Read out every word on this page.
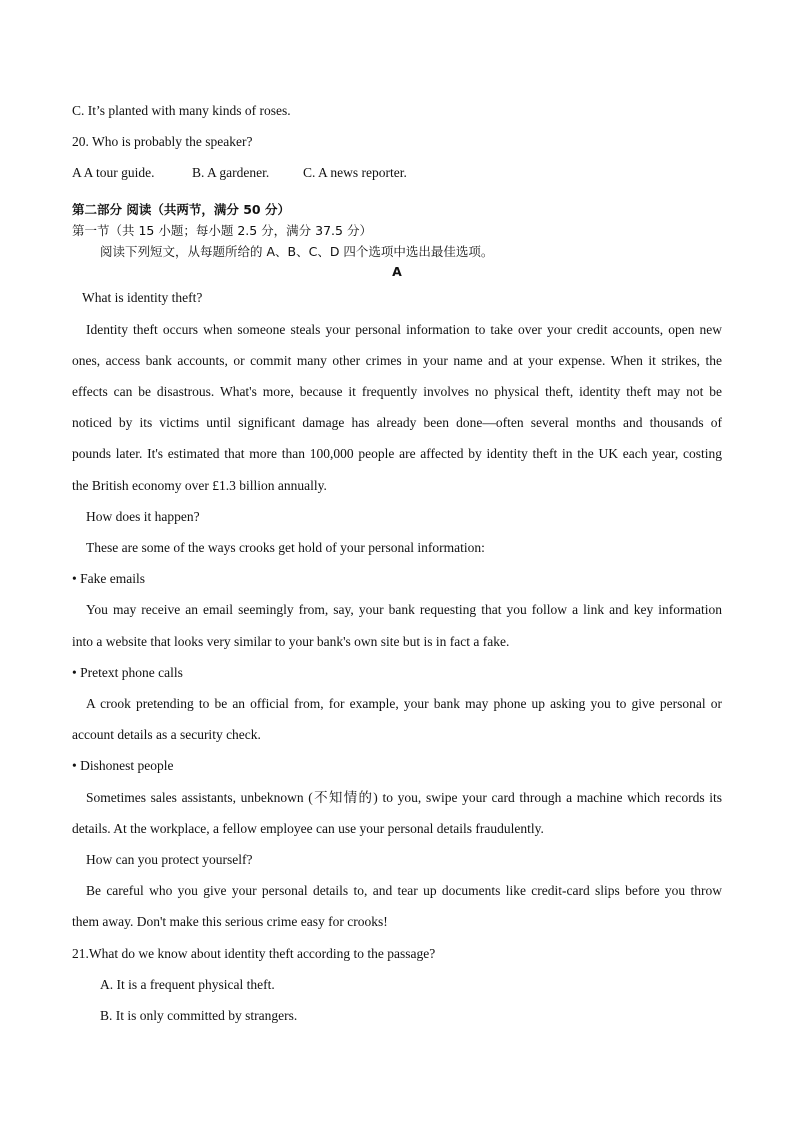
C. It’s planted with many kinds of roses.
20. Who is probably the speaker?
A A tour guide.	B. A gardener.	C. A news reporter.
第二部分 阅读（共两节，满分 50 分）
第一节（共 15 小题；每小题 2.5 分，满分 37.5 分）
阅读下列短文，从每题所给的 A、B、C、D 四个选项中选出最佳选项。
A
What is identity theft?
Identity theft occurs when someone steals your personal information to take over your credit accounts, open new
ones, access bank accounts, or commit many other crimes in your name and at your expense. When it strikes, the
effects can be disastrous. What's more, because it frequently involves no physical theft, identity theft may not be
noticed by its victims until significant damage has already been done—often several months and thousands of
pounds later. It's estimated that more than 100,000 people are affected by identity theft in the UK each year, costing
the British economy over £1.3 billion annually.
How does it happen?
These are some of the ways crooks get hold of your personal information:
• Fake emails
You may receive an email seemingly from, say, your bank requesting that you follow a link and key information
into a website that looks very similar to your bank's own site but is in fact a fake.
• Pretext phone calls
A crook pretending to be an official from, for example, your bank may phone up asking you to give personal or
account details as a security check.
• Dishonest people
Sometimes sales assistants, unbeknown (不知情的) to you, swipe your card through a machine which records its
details. At the workplace, a fellow employee can use your personal details fraudulently.
How can you protect yourself?
Be careful who you give your personal details to, and tear up documents like credit-card slips before you throw
them away. Don't make this serious crime easy for crooks!
21.What do we know about identity theft according to the passage?
A. It is a frequent physical theft.
B. It is only committed by strangers.
